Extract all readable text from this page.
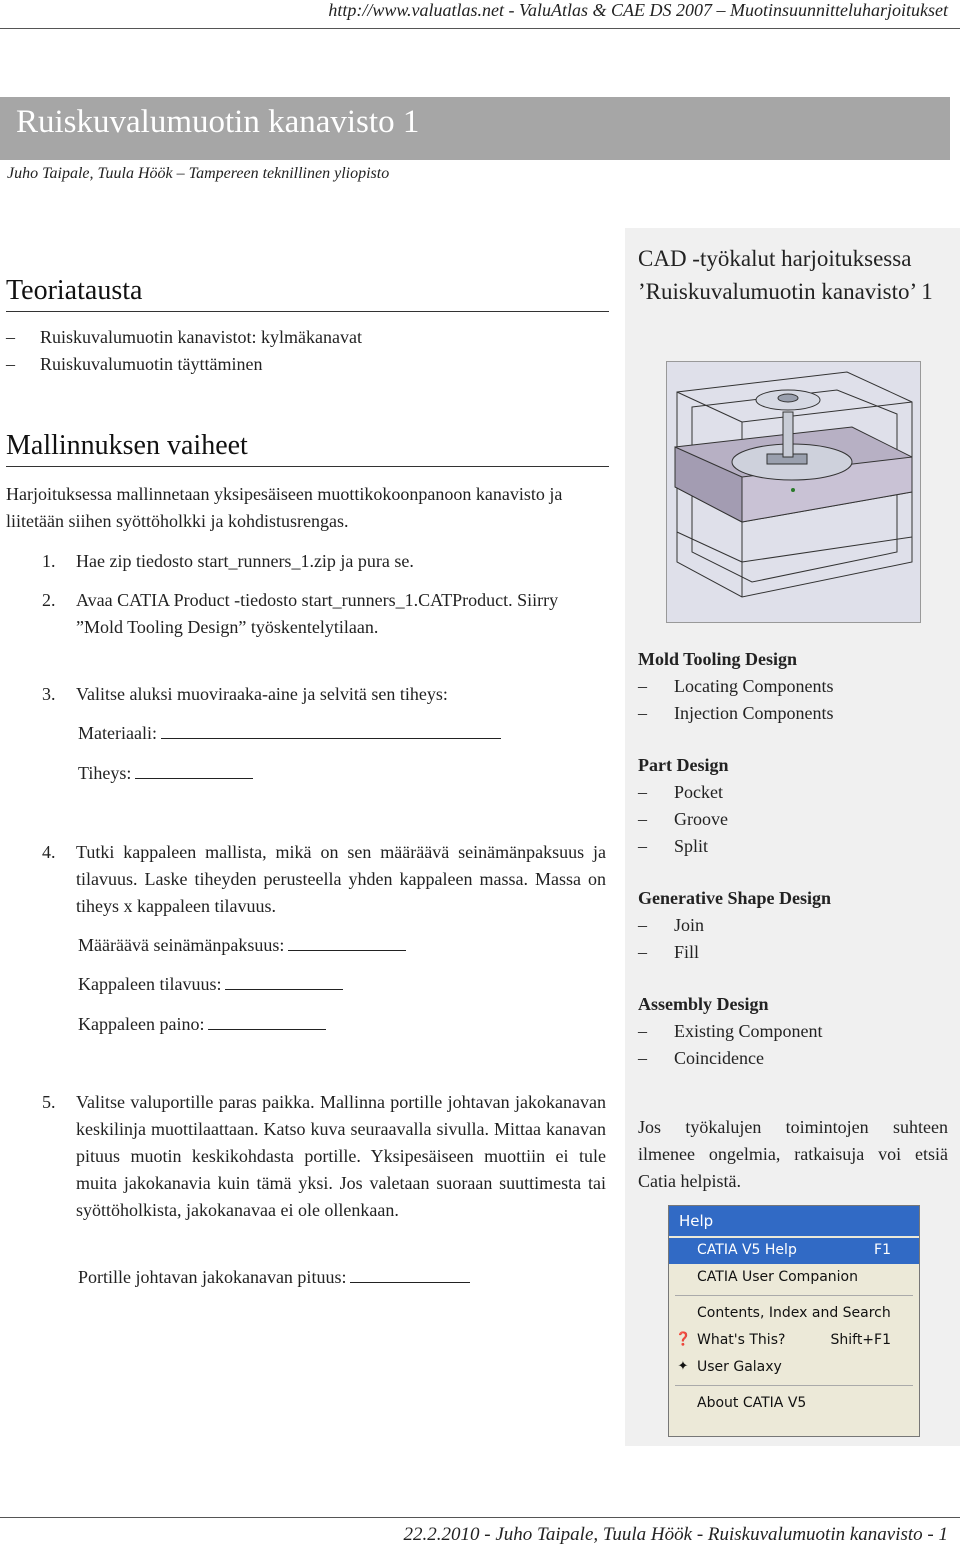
http://www.valuatlas.net - ValuAtlas & CAE DS 2007 – Muotinsuunnitteluharjoitukset
Ruiskuvalumuotin kanavisto 1
Juho Taipale, Tuula Höök – Tampereen teknillinen yliopisto
Teoriatausta
– Ruiskuvalumuotin kanavistot: kylmäkanavat
– Ruiskuvalumuotin täyttäminen
Mallinnuksen vaiheet
Harjoituksessa mallinnetaan yksipesäiseen muottikokoonpanoon kanavisto ja liitetään siihen syöttöholkki ja kohdistusrengas.
1.	Hae zip tiedosto start_runners_1.zip ja pura se.
2.	Avaa CATIA Product -tiedosto start_runners_1.CATProduct. Siirry ”Mold Tooling Design” työskentelytilaan.
3.	Valitse aluksi muoviraaka-aine ja selvitä sen tiheys:
Materiaali:
Tiheys:
4.	Tutki kappaleen mallista, mikä on sen määräävä seinämänpaksuus ja tilavuus. Laske tiheyden perusteella yhden kappaleen massa. Massa on tiheys x kappaleen tilavuus.
Määräävä seinämänpaksuus:
Kappaleen tilavuus:
Kappaleen paino:
5.	Valitse valuportille paras paikka. Mallinna portille johtavan jakokanavan keskilinja muottilaattaan. Katso kuva seuraavalla sivulla. Mittaa kanavan pituus muotin keskikohdasta portille. Yksipesäiseen muottiin ei tule muita jakokanavia kuin tämä yksi. Jos valetaan suoraan suuttimesta tai syöttöholkista, jakokanavaa ei ole ollenkaan.
Portille johtavan jakokanavan pituus:
CAD -työkalut harjoituksessa ’Ruiskuvalumuotin kanavisto’ 1
Mold Tooling Design
– Locating Components
– Injection Components
Part Design
– Pocket
– Groove
– Split
Generative Shape Design
– Join
– Fill
Assembly Design
– Existing Component
– Coincidence
Jos työkalujen toimintojen suhteen ilmenee ongelmia, ratkaisuja voi etsiä Catia helpistä.
Help
CATIA V5 Help	F1
CATIA User Companion
Contents, Index and Search
❓ What's This?	Shift+F1
✦ User Galaxy
About CATIA V5
22.2.2010 - Juho Taipale, Tuula Höök - Ruiskuvalumuotin kanavisto - 1
